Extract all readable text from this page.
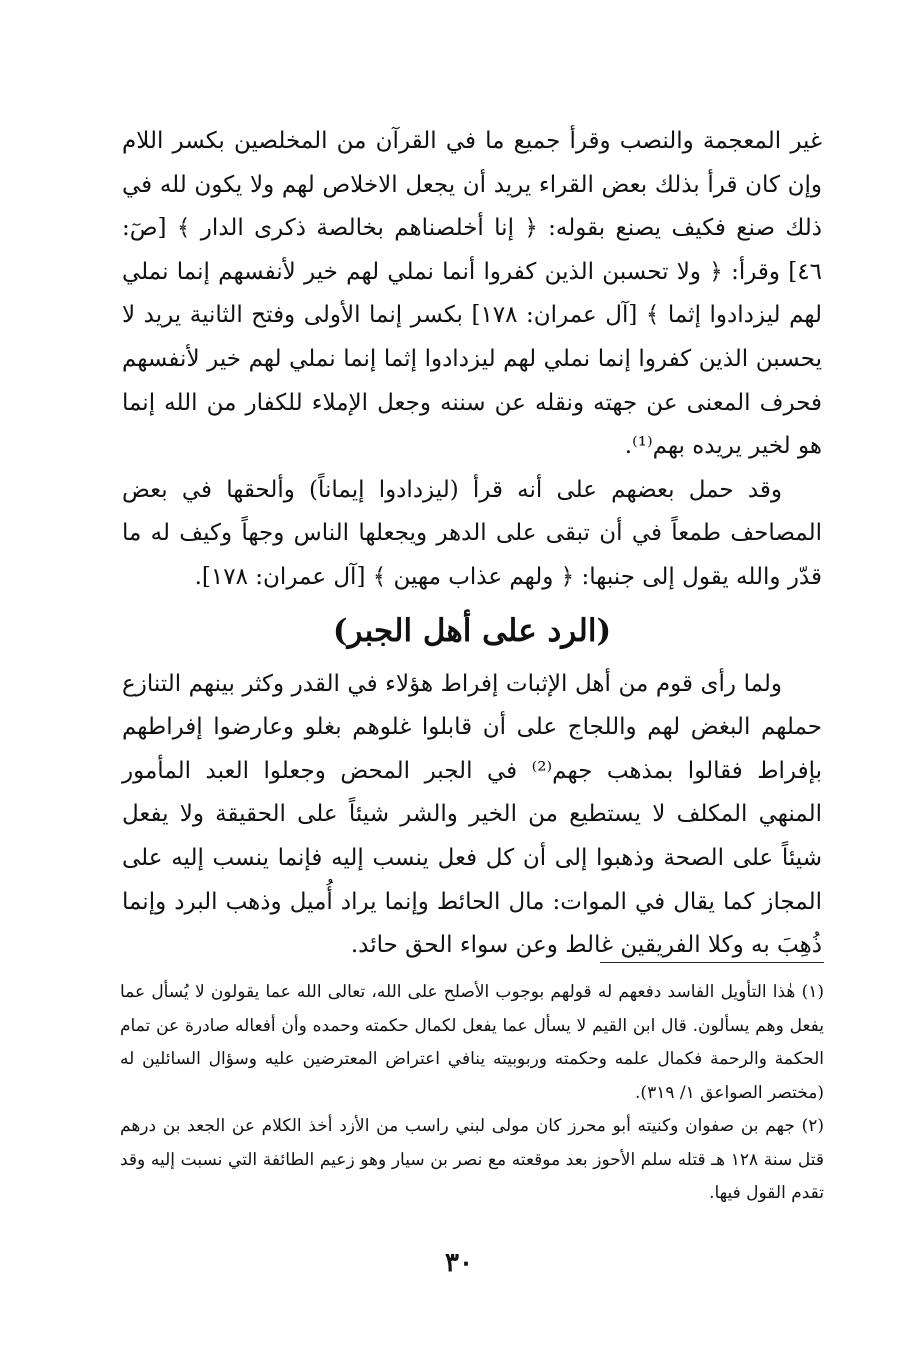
غير المعجمة والنصب وقرأ جميع ما في القرآن من المخلصين بكسر اللام وإن كان قرأ بذلك بعض القراء يريد أن يجعل الاخلاص لهم ولا يكون لله في ذلك صنع فكيف يصنع بقوله: ﴿ إنا أخلصناهم بخالصة ذكرى الدار ﴾ [صٓ: ٤٦] وقرأ: ﴿ ولا تحسبن الذين كفروا أنما نملي لهم خير لأنفسهم إنما نملي لهم ليزدادوا إثما ﴾ [آل عمران: ١٧٨] بكسر إنما الأولى وفتح الثانية يريد لا يحسبن الذين كفروا إنما نملي لهم ليزدادوا إثما إنما نملي لهم خير لأنفسهم فحرف المعنى عن جهته ونقله عن سننه وجعل الإملاء للكفار من الله إنما هو لخير يريده بهم⁽¹⁾.

وقد حمل بعضهم على أنه قرأ (ليزدادوا إيماناً) وألحقها في بعض المصاحف طمعاً في أن تبقى على الدهر ويجعلها الناس وجهاً وكيف له ما قدّر والله يقول إلى جنبها: ﴿ ولهم عذاب مهين ﴾ [آل عمران: ١٧٨].

(الرد على أهل الجبر)

ولما رأى قوم من أهل الإثبات إفراط هؤلاء في القدر وكثر بينهم التنازع حملهم البغض لهم واللجاج على أن قابلوا غلوهم بغلو وعارضوا إفراطهم بإفراط فقالوا بمذهب جهم⁽²⁾ في الجبر المحض وجعلوا العبد المأمور المنهي المكلف لا يستطيع من الخير والشر شيئاً على الحقيقة ولا يفعل شيئاً على الصحة وذهبوا إلى أن كل فعل ينسب إليه فإنما ينسب إليه على المجاز كما يقال في الموات: مال الحائط وإنما يراد أُميل وذهب البرد وإنما ذُهِبَ به وكلا الفريقين غالط وعن سواء الحق حائد.

(١) هٰذا التأويل الفاسد دفعهم له قولهم بوجوب الأصلح على الله، تعالى الله عما يقولون لا يُسأل عما يفعل وهم يسألون. قال ابن القيم لا يسأل عما يفعل لكمال حكمته وحمده وأن أفعاله صادرة عن تمام الحكمة والرحمة فكمال علمه وحكمته وربوبيته ينافي اعتراض المعترضين عليه وسؤال السائلين له (مختصر الصواعق ١/ ٣١٩).

(٢) جهم بن صفوان وكنيته أبو محرز كان مولى لبني راسب من الأزد أخذ الكلام عن الجعد بن درهم قتل سنة ١٢٨ هـ قتله سلم الأحوز بعد موقعته مع نصر بن سيار وهو زعيم الطائفة التي نسبت إليه وقد تقدم القول فيها.

٣٠
